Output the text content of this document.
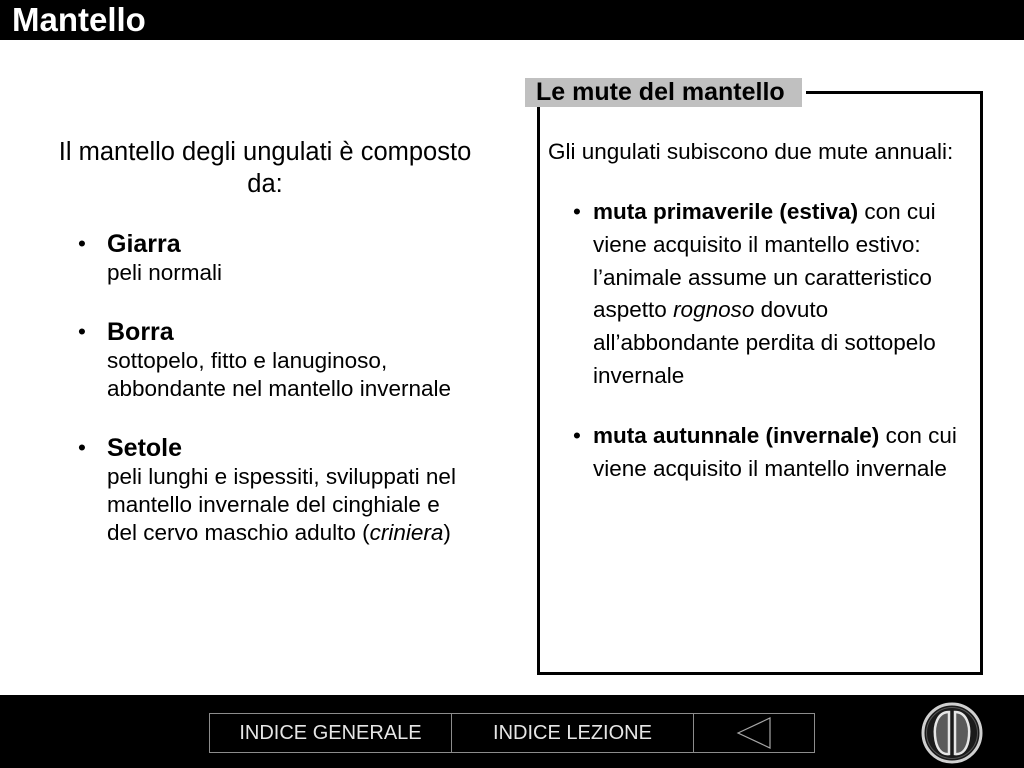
Mantello
Il mantello degli ungulati è composto da:
• Giarra
peli normali
• Borra
sottopelo, fitto e lanuginoso, abbondante nel mantello invernale
• Setole
peli lunghi e ispessiti, sviluppati nel mantello invernale del cinghiale e del cervo maschio adulto (criniera)
Le mute del mantello
Gli ungulati subiscono due mute annuali:
• muta primaverile (estiva) con cui viene acquisito il mantello estivo: l’animale assume un caratteristico aspetto rognoso dovuto all’abbondante perdita di sottopelo invernale
• muta autunnale (invernale) con cui viene acquisito il mantello invernale
INDICE GENERALE	INDICE LEZIONE
